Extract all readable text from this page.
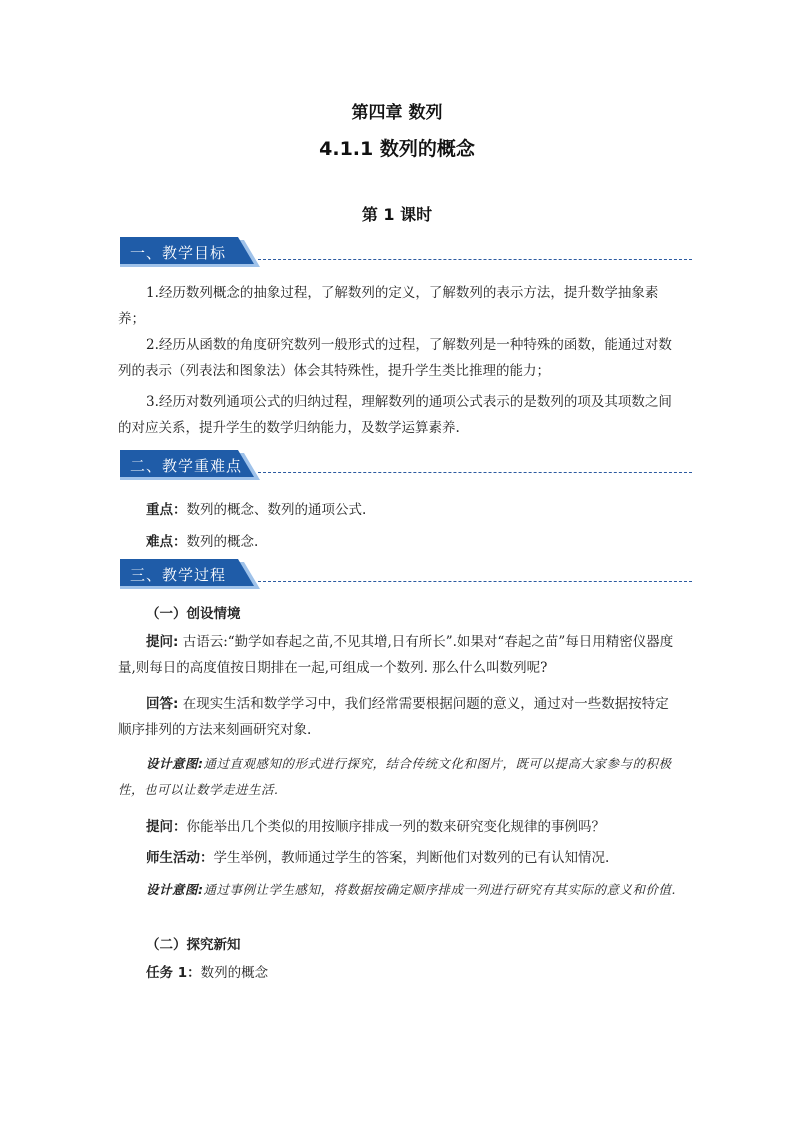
第四章 数列
4.1.1 数列的概念
第 1 课时
一、教学目标
1.经历数列概念的抽象过程，了解数列的定义，了解数列的表示方法，提升数学抽象素养；
2.经历从函数的角度研究数列一般形式的过程，了解数列是一种特殊的函数，能通过对数列的表示（列表法和图象法）体会其特殊性，提升学生类比推理的能力；
3.经历对数列通项公式的归纳过程，理解数列的通项公式表示的是数列的项及其项数之间的对应关系，提升学生的数学归纳能力，及数学运算素养.
二、教学重难点
重点：数列的概念、数列的通项公式.
难点：数列的概念.
三、教学过程
（一）创设情境
提问: 古语云:“勤学如春起之苗,不见其增,日有所长”.如果对“春起之苗”每日用精密仪器度量,则每日的高度值按日期排在一起,可组成一个数列. 那么什么叫数列呢?
回答: 在现实生活和数学学习中，我们经常需要根据问题的意义，通过对一些数据按特定顺序排列的方法来刻画研究对象.
设计意图:通过直观感知的形式进行探究，结合传统文化和图片，既可以提高大家参与的积极性，也可以让数学走进生活.
提问：你能举出几个类似的用按顺序排成一列的数来研究变化规律的事例吗？
师生活动：学生举例，教师通过学生的答案，判断他们对数列的已有认知情况.
设计意图:通过事例让学生感知，将数据按确定顺序排成一列进行研究有其实际的意义和价值.
（二）探究新知
任务 1：数列的概念
